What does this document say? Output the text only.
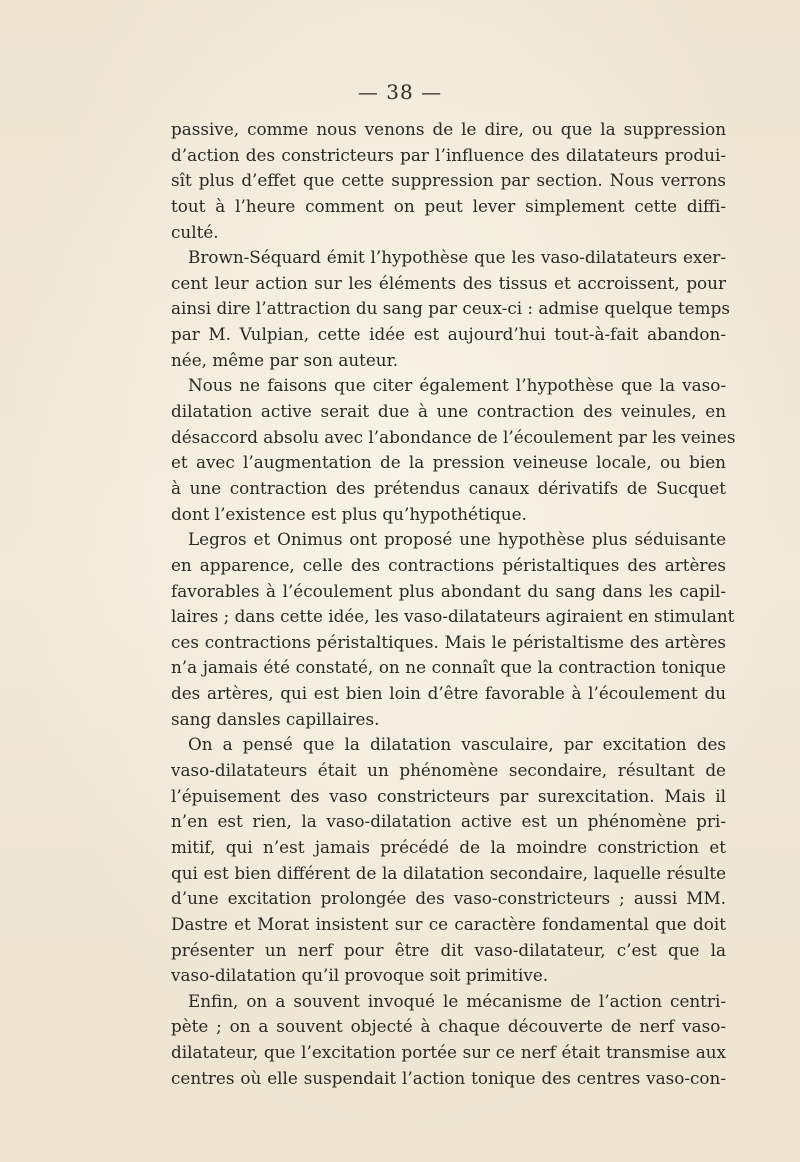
— 38 —
passive, comme nous venons de le dire, ou que la suppression
d’action des constricteurs par l’influence des dilatateurs produi-
sît plus d’effet que cette suppression par section. Nous verrons
tout à l’heure comment on peut lever simplement cette diffi-
culté.
Brown-Séquard émit l’hypothèse que les vaso-dilatateurs exer-
cent leur action sur les éléments des tissus et accroissent, pour
ainsi dire l’attraction du sang par ceux-ci : admise quelque temps
par M. Vulpian, cette idée est aujourd’hui tout-à-fait abandon-
née, même par son auteur.
Nous ne faisons que citer également l’hypothèse que la vaso-
dilatation active serait due à une contraction des veinules, en
désaccord absolu avec l’abondance de l’écoulement par les veines
et avec l’augmentation de la pression veineuse locale, ou bien
à une contraction des prétendus canaux dérivatifs de Sucquet
dont l’existence est plus qu’hypothétique.
Legros et Onimus ont proposé une hypothèse plus séduisante
en apparence, celle des contractions péristaltiques des artères
favorables à l’écoulement plus abondant du sang dans les capil-
laires ; dans cette idée, les vaso-dilatateurs agiraient en stimulant
ces contractions péristaltiques. Mais le péristaltisme des artères
n’a jamais été constaté, on ne connaît que la contraction tonique
des artères, qui est bien loin d’être favorable à l’écoulement du
sang dansles capillaires.
On a pensé que la dilatation vasculaire, par excitation des
vaso-dilatateurs était un phénomène secondaire, résultant de
l’épuisement des vaso constricteurs par surexcitation. Mais il
n’en est rien, la vaso-dilatation active est un phénomène pri-
mitif, qui n’est jamais précédé de la moindre constriction et
qui est bien différent de la dilatation secondaire, laquelle résulte
d’une excitation prolongée des vaso-constricteurs ; aussi MM.
Dastre et Morat insistent sur ce caractère fondamental que doit
présenter un nerf pour être dit vaso-dilatateur, c’est que la
vaso-dilatation qu’il provoque soit primitive.
Enfin, on a souvent invoqué le mécanisme de l’action centri-
pète ; on a souvent objecté à chaque découverte de nerf vaso-
dilatateur, que l’excitation portée sur ce nerf était transmise aux
centres où elle suspendait l’action tonique des centres vaso-con-
